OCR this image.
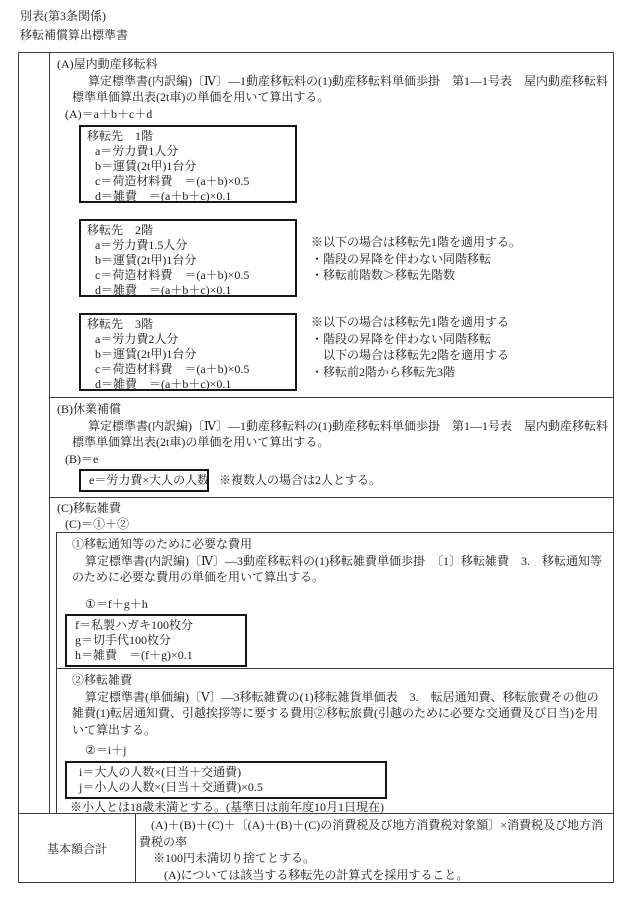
別表(第3条関係)
移転補償算出標準書
(A)屋内動産移転料
算定標準書(内訳編)〔Ⅳ〕―1動産移転料の(1)動産移転料単価歩掛　第1―1号表　屋内動産移転料
標準単価算出表(2t車)の単価を用いて算出する。
(A)＝a＋b＋c＋d
移転先　1階
a＝労力費1人分
b＝運賃(2t甲)1台分
c＝荷造材料費　＝(a＋b)×0.5
d＝雑費　＝(a＋b＋c)×0.1
移転先　2階
a＝労力費1.5人分
b＝運賃(2t甲)1台分
c＝荷造材料費　＝(a＋b)×0.5
d＝雑費　＝(a＋b＋c)×0.1
※以下の場合は移転先1階を適用する。
・階段の昇降を伴わない同階移転
・移転前階数＞移転先階数
移転先　3階
a＝労力費2人分
b＝運賃(2t甲)1台分
c＝荷造材料費　＝(a＋b)×0.5
d＝雑費　＝(a＋b＋c)×0.1
※以下の場合は移転先1階を適用する
・階段の昇降を伴わない同階移転
　以下の場合は移転先2階を適用する
・移転前2階から移転先3階
(B)休業補償
算定標準書(内訳編)〔Ⅳ〕―1動産移転料の(1)動産移転料単価歩掛　第1―1号表　屋内動産移転料
標準単価算出表(2t車)の単価を用いて算出する。
(B)＝e
e＝労力費×大人の人数 ※複数人の場合は2人とする。
(C)移転雑費
(C)＝①＋②
①移転通知等のために必要な費用
算定標準書(内訳編)〔Ⅳ〕―3動産移転料の(1)移転雑費単価歩掛　〔1〕移転雑費　3.　移転通知等
のために必要な費用の単価を用いて算出する。
①＝f＋g＋h
f＝私製ハガキ100枚分
g＝切手代100枚分
h＝雑費　＝(f＋g)×0.1
②移転雑費
算定標準書(単価編)〔Ⅴ〕―3移転雑費の(1)移転雑貨単価表　3.　転居通知費、移転旅費その他の
雑費(1)転居通知費、引越挨拶等に要する費用②移転旅費(引越のために必要な交通費及び日当)を用
いて算出する。
②＝i＋j
i＝大人の人数×(日当＋交通費)
j＝小人の人数×(日当＋交通費)×0.5
※小人とは18歳未満とする。(基準日は前年度10月1日現在)
基本額合計
(A)＋(B)＋(C)＋〔(A)＋(B)＋(C)の消費税及び地方消費税対象額〕×消費税及び地方消
費税の率
※100円未満切り捨てとする。
(A)については該当する移転先の計算式を採用すること。
